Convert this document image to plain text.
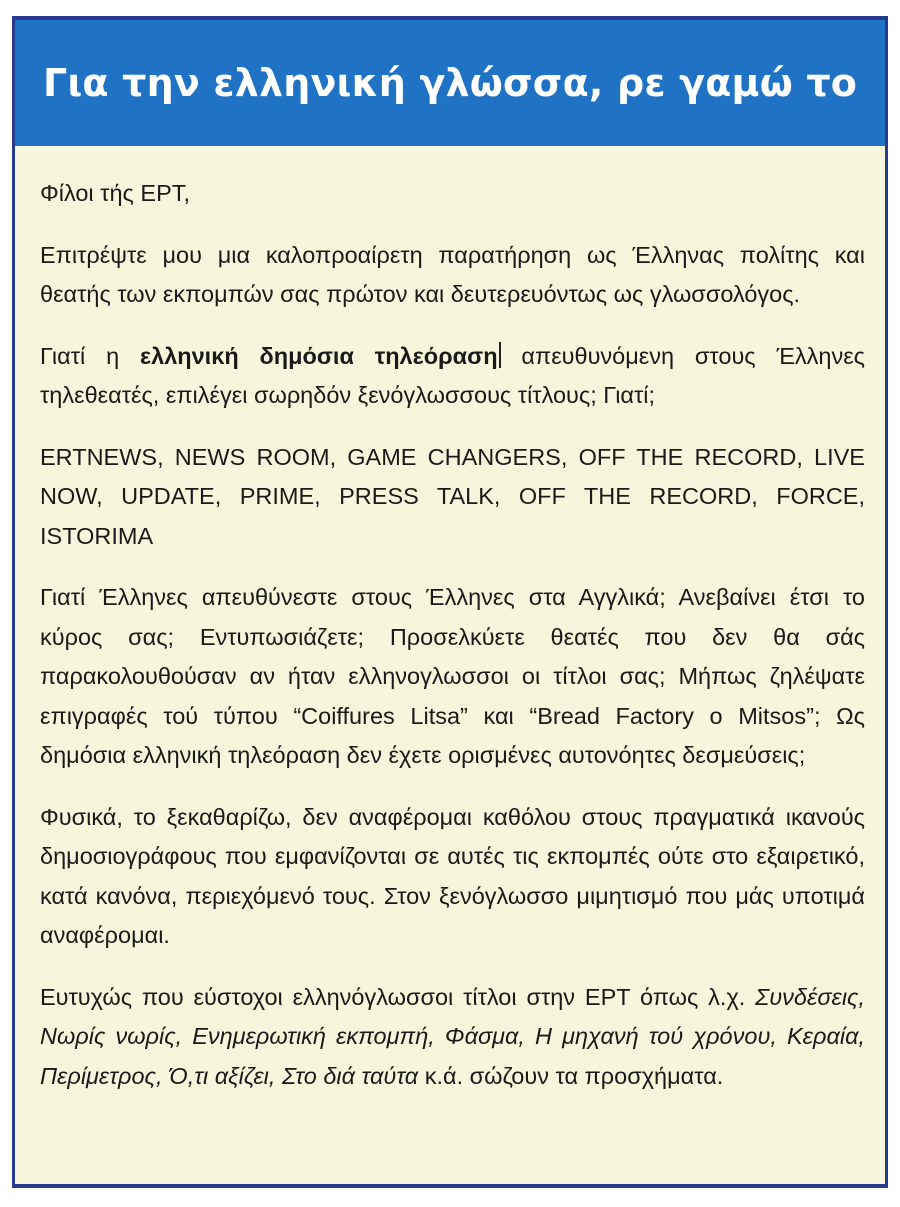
Για την ελληνική γλώσσα, ρε γαμώ το

Φίλοι τής ΕΡΤ,

Επιτρέψτε μου μια καλοπροαίρετη παρατήρηση ως Έλληνας πολίτης και θεατής των εκπομπών σας πρώτον και δευτερευόντως ως γλωσσολόγος.

Γιατί η ελληνική δημόσια τηλεόραση απευθυνόμενη στους Έλληνες τηλεθεατές, επιλέγει σωρηδόν ξενόγλωσσους τίτλους; Γιατί;

ERTNEWS, NEWS ROOM, GAME CHANGERS, OFF THE RECORD, LIVE NOW, UPDATE, PRIME, PRESS TALK, OFF THE RECORD, FORCE, ISTORIMA

Γιατί Έλληνες απευθύνεστε στους Έλληνες στα Αγγλικά; Ανεβαίνει έτσι το κύρος σας; Εντυπωσιάζετε; Προσελκύετε θεατές που δεν θα σάς παρακολουθούσαν αν ήταν ελληνογλωσσοι οι τίτλοι σας; Μήπως ζηλέψατε επιγραφές τού τύπου “Coiffures Litsa” και “Bread Factory ο Mitsos”; Ως δημόσια ελληνική τηλεόραση δεν έχετε ορισμένες αυτονόητες δεσμεύσεις;

Φυσικά, το ξεκαθαρίζω, δεν αναφέρομαι καθόλου στους πραγματικά ικανούς δημοσιογράφους που εμφανίζονται σε αυτές τις εκπομπές ούτε στο εξαιρετικό, κατά κανόνα, περιεχόμενό τους. Στον ξενόγλωσσο μιμητισμό που μάς υποτιμά αναφέρομαι.

Ευτυχώς που εύστοχοι ελληνόγλωσσοι τίτλοι στην ΕΡΤ όπως λ.χ. Συνδέσεις, Νωρίς νωρίς, Ενημερωτική εκπομπή, Φάσμα, Η μηχανή τού χρόνου, Κεραία, Περίμετρος, Ό,τι αξίζει, Στο διά ταύτα κ.ά. σώζουν τα προσχήματα.
